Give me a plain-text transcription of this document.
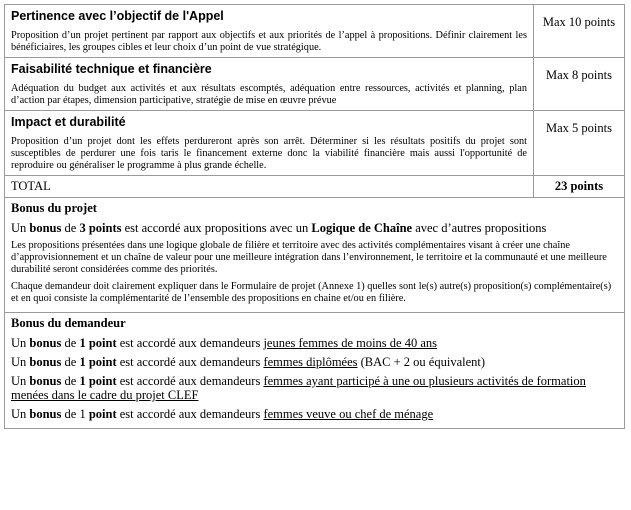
Pertinence avec l’objectif de l'Appel
Proposition d’un projet pertinent par rapport aux objectifs et aux priorités de l’appel à propositions. Définir clairement les bénéficiaires, les groupes cibles et leur choix d’un point de vue stratégique.	Max 10 points

Faisabilité technique et financière
Adéquation du budget aux activités et aux résultats escomptés, adéquation entre ressources, activités et planning, plan d’action par étapes, dimension participative, stratégie de mise en œuvre prévue	Max 8 points

Impact et durabilité
Proposition d’un projet dont les effets perdureront après son arrêt. Déterminer si les résultats positifs du projet sont susceptibles de perdurer une fois taris le financement externe donc la viabilité financière mais aussi l'opportunité de reproduire ou généraliser le programme à plus grande échelle.	Max 5 points
TOTAL	23 points

Bonus du projet
Un bonus de 3 points est accordé aux propositions avec un Logique de Chaîne avec d’autres propositions
Les propositions présentées dans une logique globale de filière et territoire avec des activités complémentaires visant à créer une chaîne d’approvisionnement et un chaîne de valeur pour une meilleure intégration dans l’environnement, le territoire et la communauté et une meilleure durabilité seront considérées comme des priorités.
Chaque demandeur doit clairement expliquer dans le Formulaire de projet (Annexe 1) quelles sont le(s) autre(s) proposition(s) complémentaire(s) et en quoi consiste la complémentarité de l’ensemble des propositions en chaine et/ou en filière.	

Bonus du demandeur
Un bonus de 1 point est accordé aux demandeurs jeunes femmes de moins de 40 ans
Un bonus de 1 point est accordé aux demandeurs femmes diplômées (BAC + 2 ou équivalent)
Un bonus de 1 point est accordé aux demandeurs femmes ayant participé à une ou plusieurs activités de formation menées dans le cadre du projet CLEF
Un bonus de 1 point est accordé aux demandeurs femmes veuve ou chef de ménage	
